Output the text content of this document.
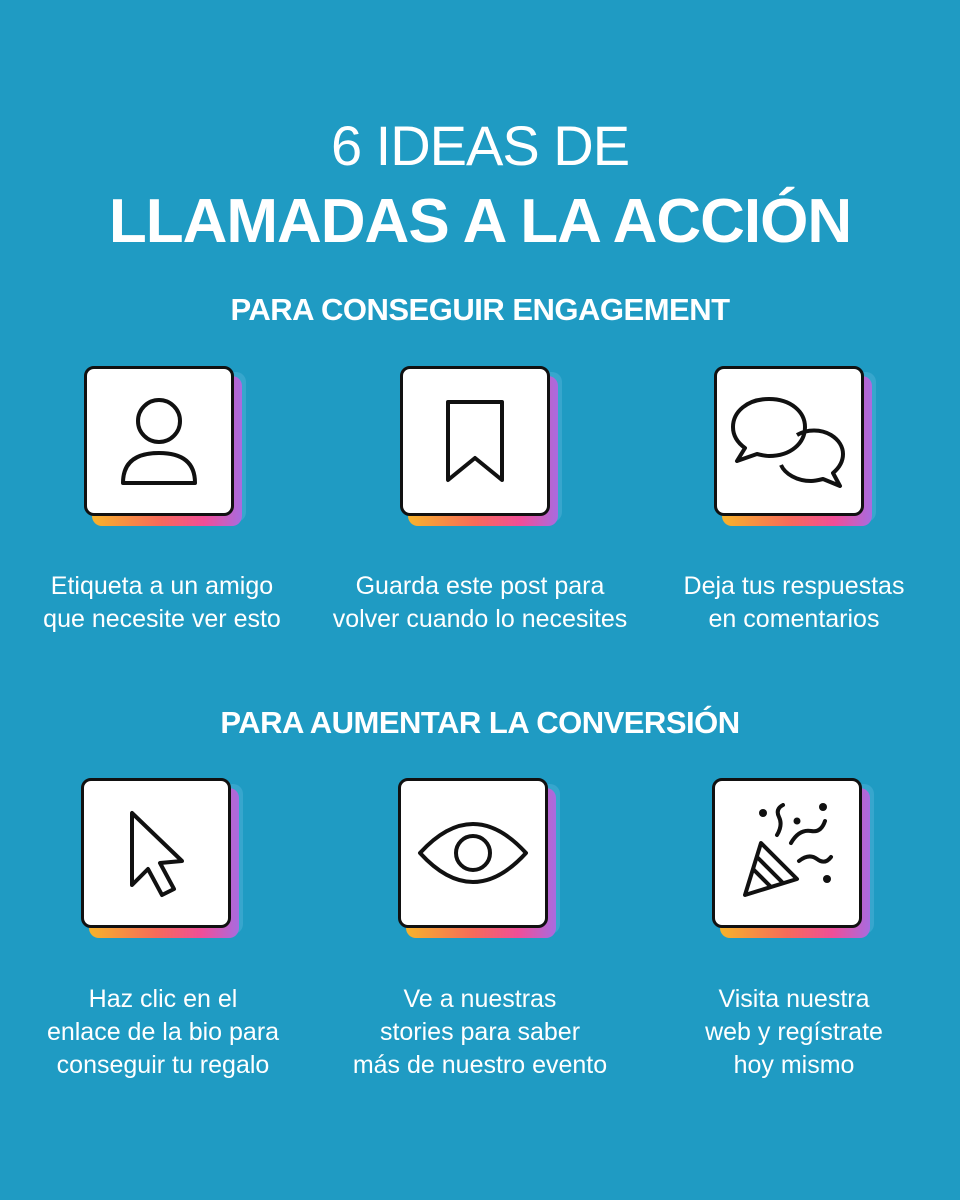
6 IDEAS DE
LLAMADAS A LA ACCIÓN
PARA CONSEGUIR ENGAGEMENT
Etiqueta a un amigo
que necesite ver esto
Guarda este post para
volver cuando lo necesites
Deja tus respuestas
en comentarios
PARA AUMENTAR LA CONVERSIÓN
Haz clic en el
enlace de la bio para
conseguir tu regalo
Ve a nuestras
stories para saber
más de nuestro evento
Visita nuestra
web y regístrate
hoy mismo
